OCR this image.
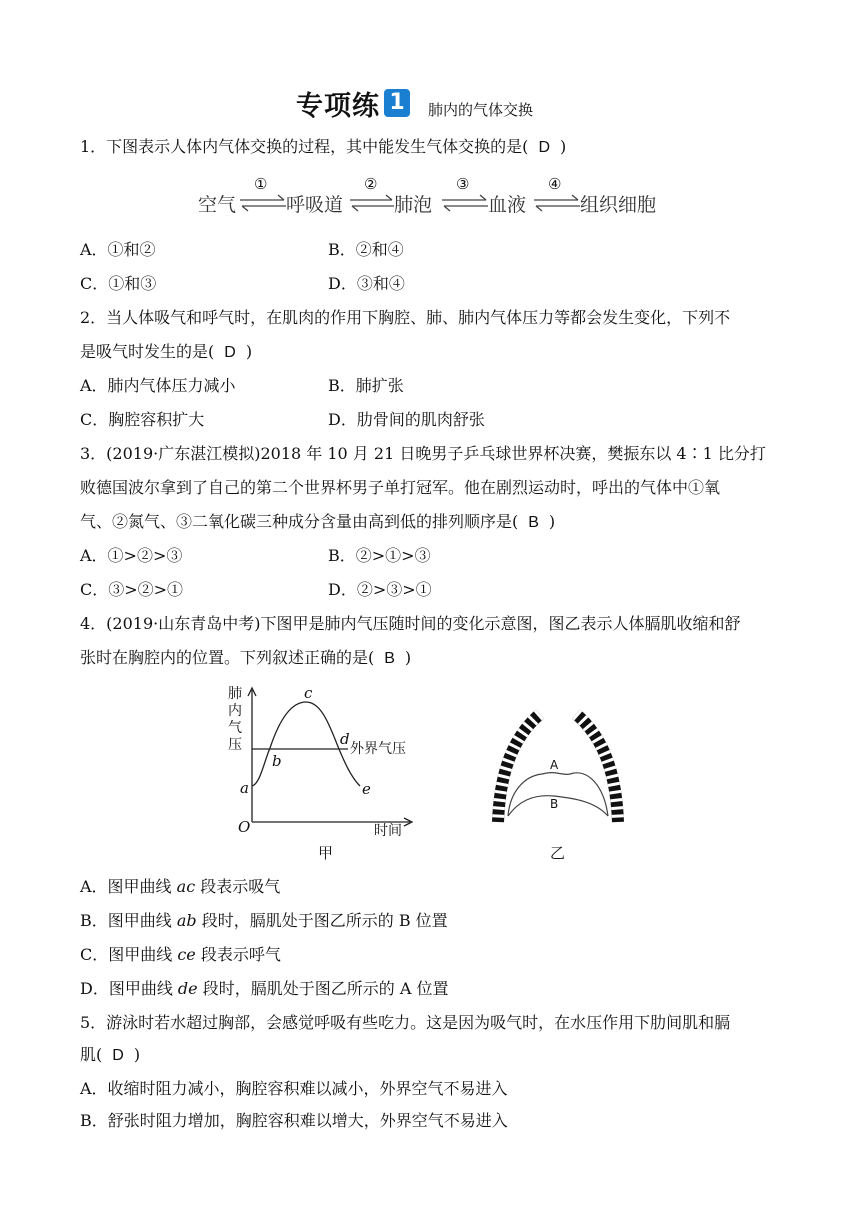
专项练 1	肺内的气体交换
1．下图表示人体内气体交换的过程，其中能发生气体交换的是( D )
空气	呼吸道	肺泡	血液	组织细胞
①	②	③	④
A．①和②	B．②和④
C．①和③	D．③和④
2．当人体吸气和呼气时，在肌肉的作用下胸腔、肺、肺内气体压力等都会发生变化，下列不
是吸气时发生的是( D )
A．肺内气体压力减小	B．肺扩张
C．胸腔容积扩大	D．肋骨间的肌肉舒张
3．(2019·广东湛江模拟)2018 年 10 月 21 日晚男子乒乓球世界杯决赛，樊振东以 4∶1 比分打
败德国波尔拿到了自己的第二个世界杯男子单打冠军。他在剧烈运动时，呼出的气体中①氧
气、②氮气、③二氧化碳三种成分含量由高到低的排列顺序是( B )
A．①>②>③	B．②>①>③
C．③>②>①	D．②>③>①
4．(2019·山东青岛中考)下图甲是肺内气压随时间的变化示意图，图乙表示人体膈肌收缩和舒
张时在胸腔内的位置。下列叙述正确的是( B )
肺内气压
O	时间
外界气压
a
b
c
d
e
甲
A
B
乙
A．图甲曲线 ac 段表示吸气
B．图甲曲线 ab 段时，膈肌处于图乙所示的 B 位置
C．图甲曲线 ce 段表示呼气
D．图甲曲线 de 段时，膈肌处于图乙所示的 A 位置
5．游泳时若水超过胸部，会感觉呼吸有些吃力。这是因为吸气时，在水压作用下肋间肌和膈
肌( D )
A．收缩时阻力减小，胸腔容积难以减小，外界空气不易进入
B．舒张时阻力增加，胸腔容积难以增大，外界空气不易进入
